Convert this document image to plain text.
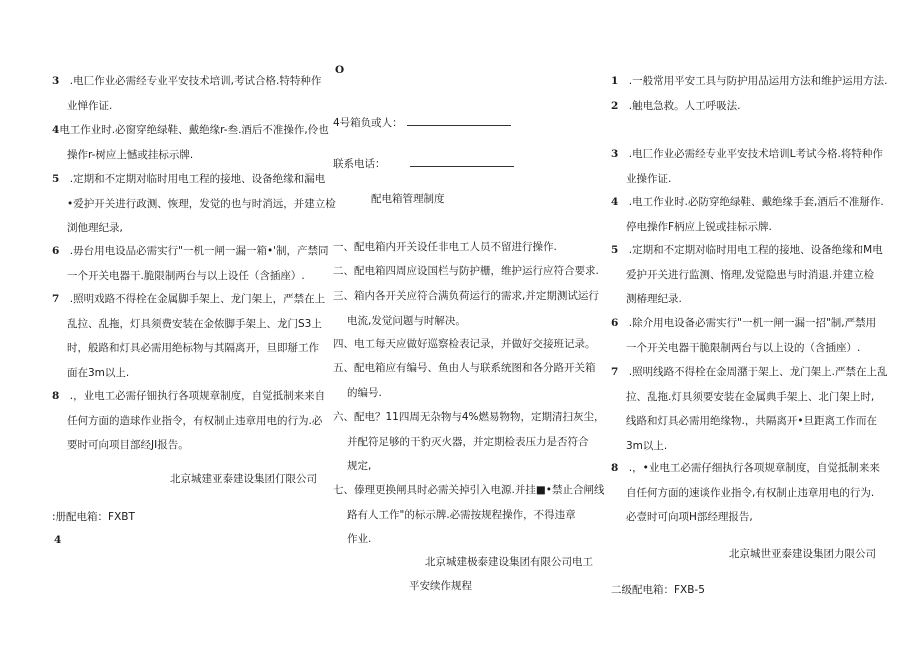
3　.电匚作业必需经专业平安技术培训,考试合格.特特种作
业惮作证.
4电工作业时.必窗穿绝绿鞋、戴绝缘r-叁.酒后不准操作,伶也
操作r-树应上憾或挂标示牌.
5　.定期和不定期对临时用电工程的接地、设备绝缘和漏电
•爱护开关进行政测、恢理，发觉的也与时消远，并建立检
浏他理纪录,
6　.毋台用电设品必需实行"一机一闸一漏一箱•'制，产禁同
一个开关电器干.脆限制两台与以上设任（含插座）.
7　.照明戏路不得栓在金属脚手架上、龙门架上，严禁在上
乱拉、乱拖，灯具须费安装在金侬脚手架上、龙门S3上
时，般路和灯具必需用绝标物与其隔离开，旦即掰工作
面在3m以上.
8　.，业电工必需仔钿执行各项规章制度，自觉抵制来来自
任何方面的造球作业指令，有权制止违章用电的行为.必
要时可向项目部经JI报告。
北京城建亚泰建设集团仃限公司
:册配电箱：FXBT
4
O
4号箱负或人：
联系电话：
配电箱管理制度
一、配电箱内开关设任非电工人员不留进行操作.
二、配电箱四周应设国栏与防护栅，维护运行应符合要求.
三、箱内各开关应符合满负荷运行的需求,并定期测试运行
电流,发觉问题与时解决。
四、电工每天应做好巡察检表记录，并做好交接班记录。
五、配电箱应有编号、鱼由人与联系统图和各分路开关箱
的编号.
六、配电？11四周无杂物与4%燃易物物，定期清扫灰尘，
并配符足够的干豹灭火器，并定期检表压力是否符合
规定,
七、傣理更换闸具时必需关掉引入电源.并挂■•禁止合闸线
路有人工作"的标示牌.必需按规程操作，不得违章
作业.
北京城建极泰建设集团有限公司电工
平安续作规程
1　.一般常用平安工具与防护用品运用方法和维护运用方法.
2　.触电急救。人工呼吸法.
3　.电匚作业必需经专业平安技术培训L考试今格.将特种作
业操作证.
4　.电工作业时.必防穿绝绿鞋、戴绝缘手套,酒后不准掰作.
停电操作F柄应上锐或挂标示牌.
5　.定期和不定期对临时用电工程的接地、设备绝缘和M电
爱护开关进行监测、惰理,发觉隐患与时消退.并建立检
测椿理纪录.
6　.除介用电设备必需实行"一机一闸一漏一招"制,严禁用
一个开关电器干脆限制两台与以上设的（含插座）.
7　.照明线路不得栓在金周潴于架上、龙门架上.严禁在上乱
拉、乱拖.灯具须要安装在金属典手架上、北门架上时,
线路和灯具必需用绝缘物.，共隔离开•旦距离工作而在
3m以上.
8　.，•业电工必需仔细执行各项规章制度，自觉抵制来来
自任何方面的速谈作业指令,有权制止违章用电的行为.
必壹时可向项H部经理报告,
北京城世亚泰建设集团力限公司
二级配电箱：FXB-5
